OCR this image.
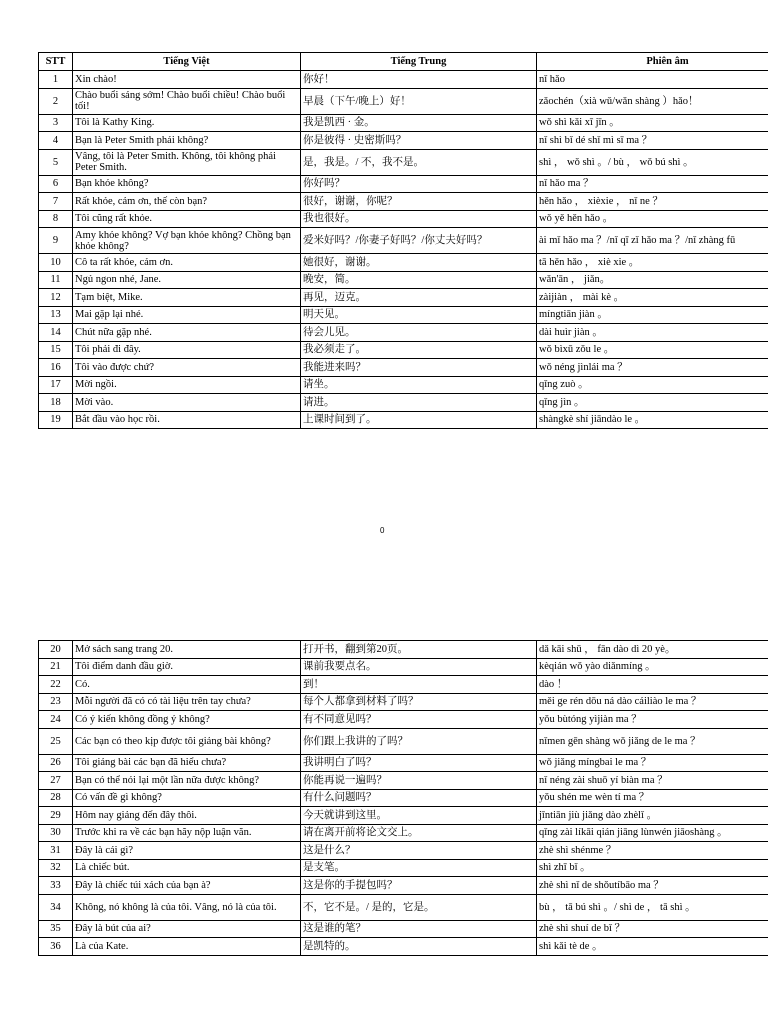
STT	Tiếng Việt	Tiếng Trung	Phiên âm
1	Xin chào!	你好！	nǐ hǎo
2	Chào buổi sáng sớm! Chào buổi chiều! Chào buổi tối!	早晨（下午/晚上）好！	zǎochén（xià wǔ/wǎn shàng ）hǎo！
3	Tôi là Kathy King.	我是凯西 · 金。	wǒ shì kǎi xī jīn 。
4	Bạn là Peter Smith phải không?	你是彼得 · 史密斯吗？	nǐ shì bǐ dé shǐ mì sī ma ？
5	Vâng, tôi là Peter Smith. Không, tôi không phải Peter Smith.	是，我是。/ 不，我不是。	shì ， wǒ shì 。/ bù ， wǒ bú shì 。
6	Bạn khỏe không?	你好吗？	nǐ hǎo ma ？
7	Rất khỏe, cảm ơn, thế còn bạn?	很好，谢谢，你呢？	hěn hǎo ， xièxie ， nǐ ne ？
8	Tôi cũng rất khỏe.	我也很好。	wǒ yě hěn hǎo 。
9	Amy khỏe không? Vợ bạn khỏe không? Chồng bạn khỏe không?	爱米好吗？/你妻子好吗？/你丈夫好吗？	ài mǐ hǎo ma ？/nǐ qī zǐ hǎo ma ？/nǐ zhàng fū
10	Cô ta rất khỏe, cảm ơn.	她很好，谢谢。	tā hěn hǎo ， xiè xie 。
11	Ngủ ngon nhé, Jane.	晚安，简。	wǎn'ān ， jiǎn。
12	Tạm biệt, Mike.	再见，迈克。	zàijiàn ， mài kè 。
13	Mai gặp lại nhé.	明天见。	míngtiān jiàn 。
14	Chút nữa gặp nhé.	待会儿见。	dài huìr jiàn 。
15	Tôi phải đi đây.	我必须走了。	wǒ bìxū zǒu le 。
16	Tôi vào được chứ?	我能进来吗？	wǒ néng jìnlái ma ？
17	Mời ngồi.	请坐。	qǐng zuò 。
18	Mời vào.	请进。	qǐng jìn 。
19	Bắt đầu vào học rồi.	上课时间到了。	shàngkè shí jiāndào le 。
0
20	Mở sách sang trang 20.	打开书，翻到第20页。	dǎ kāi shū ， fān dào dì 20 yè。
21	Tôi điểm danh đầu giờ.	课前我要点名。	kèqián wǒ yào diǎnmíng 。
22	Có.	到！	dào ！
23	Mỗi người đã có có tài liệu trên tay chưa?	每个人都拿到材料了吗？	měi ge rén dōu ná dào cáiliào le ma ？
24	Có ý kiến không đồng ý không?	有不同意见吗？	yǒu bùtóng yìjiàn ma ？
25	Các bạn có theo kịp được tôi giảng bài không?	你们跟上我讲的了吗？	nǐmen gēn shàng wǒ jiǎng de le ma ？
26	Tôi giảng bài các bạn đã hiểu chưa?	我讲明白了吗？	wǒ jiǎng míngbai le ma ？
27	Bạn có thể nói lại một lần nữa được không?	你能再说一遍吗？	nǐ néng zài shuō yí biàn ma ？
28	Có vấn đề gì không?	有什么问题吗？	yǒu shén me wèn tí ma ？
29	Hôm nay giảng đến đây thôi.	今天就讲到这里。	jīntiān jiù jiǎng dào zhèlǐ 。
30	Trước khi ra về các bạn hãy nộp luận văn.	请在离开前将论文交上。	qǐng zài líkāi qián jiāng lùnwén jiāoshàng 。
31	Đây là cái gì?	这是什么？	zhè shì shénme ？
32	Là chiếc bút.	是支笔。	shì zhī bǐ 。
33	Đây là chiếc túi xách của bạn à?	这是你的手提包吗？	zhè shì nǐ de shǒutíbāo ma ？
34	Không, nó không là của tôi. Vâng, nó là của tôi.	不，它不是。/ 是的，它是。	bù ， tā bú shì 。/ shì de ， tā shì 。
35	Đây là bút của ai?	这是谁的笔？	zhè shì shuí de bǐ ？
36	Là của Kate.	是凯特的。	shì kǎi tè de 。
